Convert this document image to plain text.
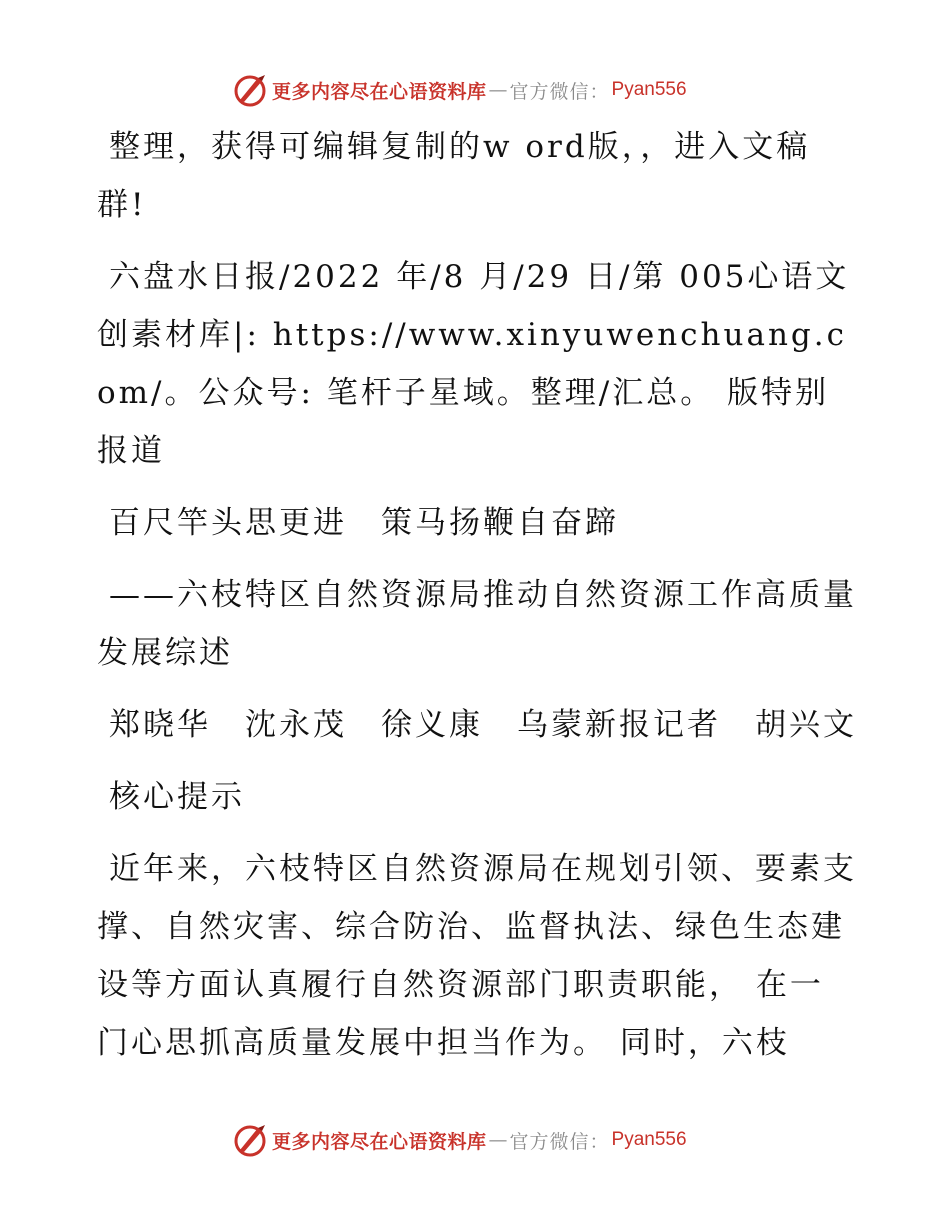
更多内容尽在心语资料库 — 官方微信： Pyan556

整理，获得可编辑复制的w ord版，，进入文稿群!

六盘水日报/2022 年/8 月/29 日/第 005心语文创素材库|: https://www.xinyuwenchuang.com/。公众号: 笔杆子星域。整理/汇总。 版特别报道

百尺竿头思更进　策马扬鞭自奋蹄

——六枝特区自然资源局推动自然资源工作高质量发展综述

郑晓华　沈永茂　徐义康　乌蒙新报记者　胡兴文

核心提示

近年来，六枝特区自然资源局在规划引领、要素支撑、自然灾害、综合防治、监督执法、绿色生态建设等方面认真履行自然资源部门职责职能， 在一门心思抓高质量发展中担当作为。 同时，六枝

更多内容尽在心语资料库 — 官方微信： Pyan556
